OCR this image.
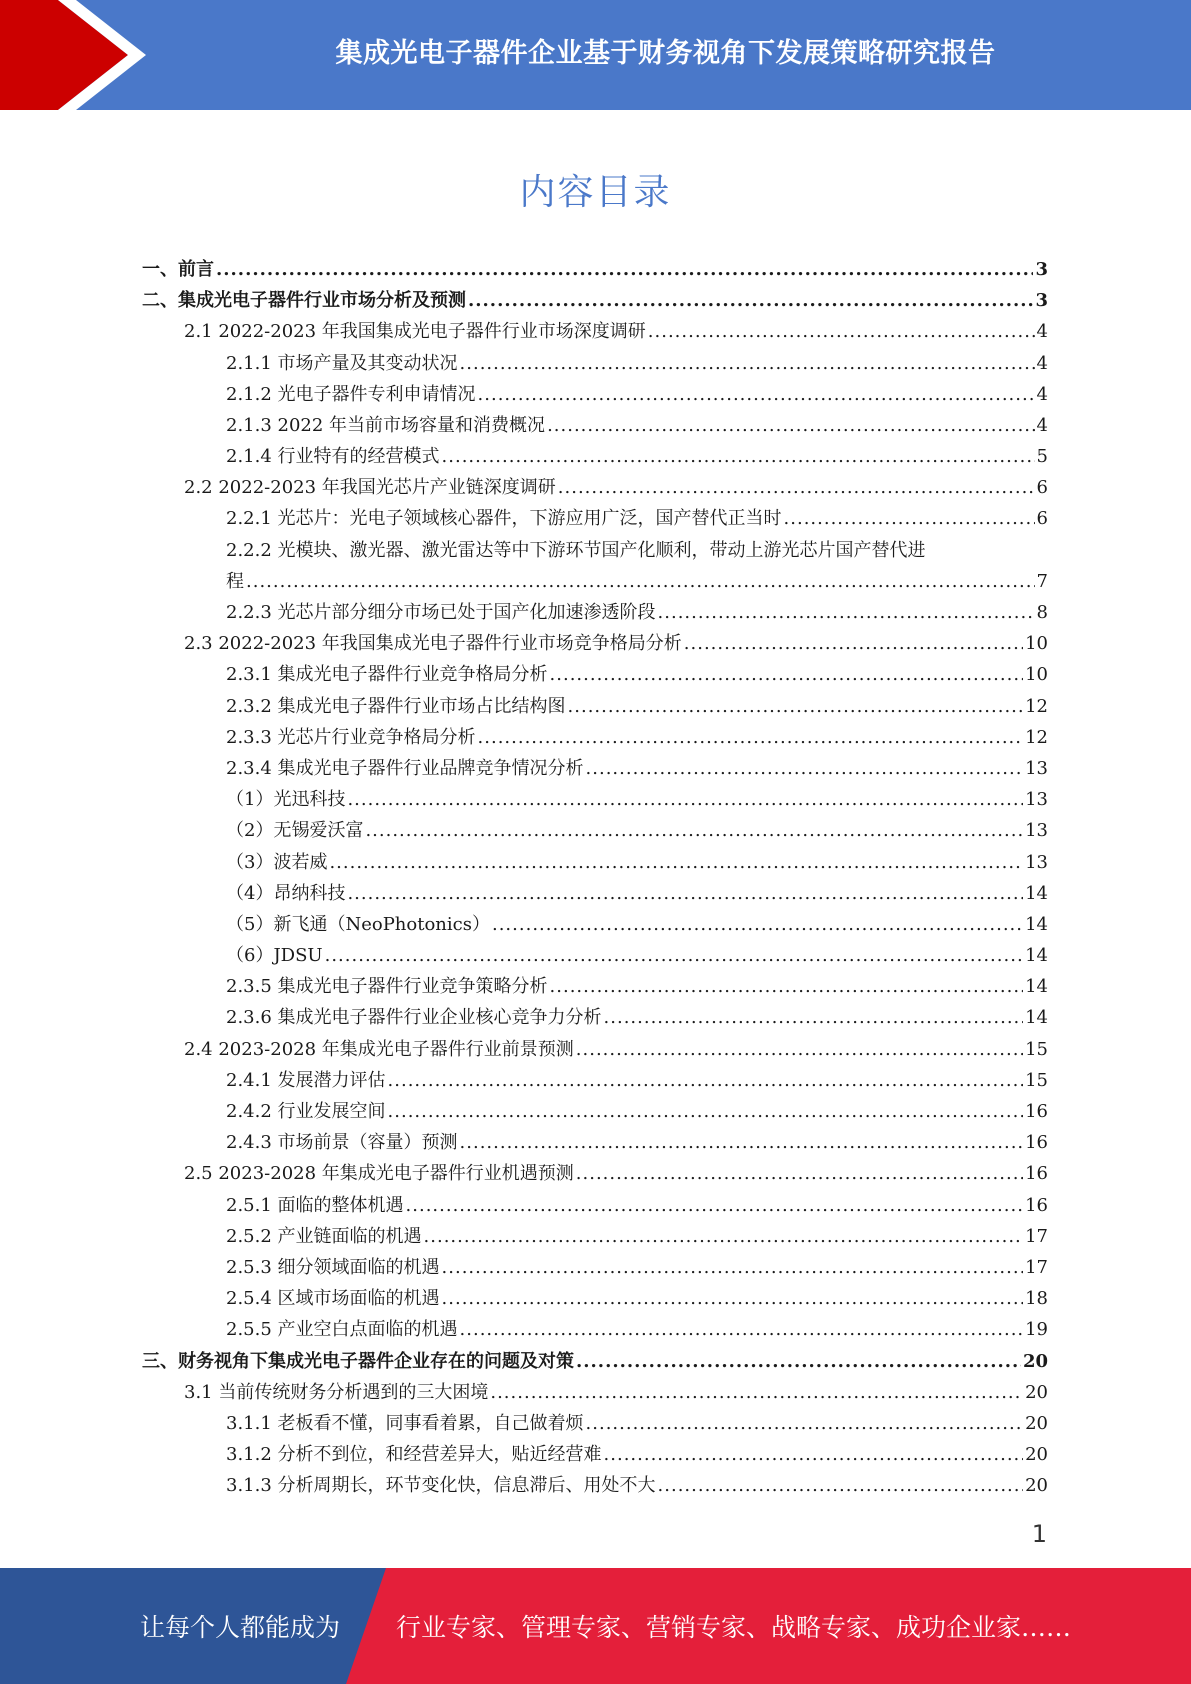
集成光电子器件企业基于财务视角下发展策略研究报告
内容目录
一、前言 .....	3
二、集成光电子器件行业市场分析及预测 .....	3
2.1 2022-2023 年我国集成光电子器件行业市场深度调研 .....	4
2.1.1 市场产量及其变动状况 .....	4
2.1.2 光电子器件专利申请情况 .....	4
2.1.3 2022 年当前市场容量和消费概况 .....	4
2.1.4 行业特有的经营模式 .....	5
2.2 2022-2023 年我国光芯片产业链深度调研 .....	6
2.2.1 光芯片：光电子领域核心器件，下游应用广泛，国产替代正当时 .....	6
2.2.2 光模块、激光器、激光雷达等中下游环节国产化顺利，带动上游光芯片国产替代进
程 .....	7
2.2.3 光芯片部分细分市场已处于国产化加速渗透阶段 .....	8
2.3 2022-2023 年我国集成光电子器件行业市场竞争格局分析 .....	10
2.3.1 集成光电子器件行业竞争格局分析 .....	10
2.3.2 集成光电子器件行业市场占比结构图 .....	12
2.3.3 光芯片行业竞争格局分析 .....	12
2.3.4 集成光电子器件行业品牌竞争情况分析 .....	13
（1）光迅科技 .....	13
（2）无锡爱沃富 .....	13
（3）波若威 .....	13
（4）昂纳科技 .....	14
（5）新飞通（NeoPhotonics） .....	14
（6）JDSU .....	14
2.3.5 集成光电子器件行业竞争策略分析 .....	14
2.3.6 集成光电子器件行业企业核心竞争力分析 .....	14
2.4 2023-2028 年集成光电子器件行业前景预测 .....	15
2.4.1 发展潜力评估 .....	15
2.4.2 行业发展空间 .....	16
2.4.3 市场前景（容量）预测 .....	16
2.5 2023-2028 年集成光电子器件行业机遇预测 .....	16
2.5.1 面临的整体机遇 .....	16
2.5.2 产业链面临的机遇 .....	17
2.5.3 细分领域面临的机遇 .....	17
2.5.4 区域市场面临的机遇 .....	18
2.5.5 产业空白点面临的机遇 .....	19
三、财务视角下集成光电子器件企业存在的问题及对策 .....	20
3.1 当前传统财务分析遇到的三大困境 .....	20
3.1.1 老板看不懂，同事看着累，自己做着烦 .....	20
3.1.2 分析不到位，和经营差异大，贴近经营难 .....	20
3.1.3 分析周期长，环节变化快，信息滞后、用处不大 .....	20
1
让每个人都能成为 行业专家、管理专家、营销专家、战略专家、成功企业家……
